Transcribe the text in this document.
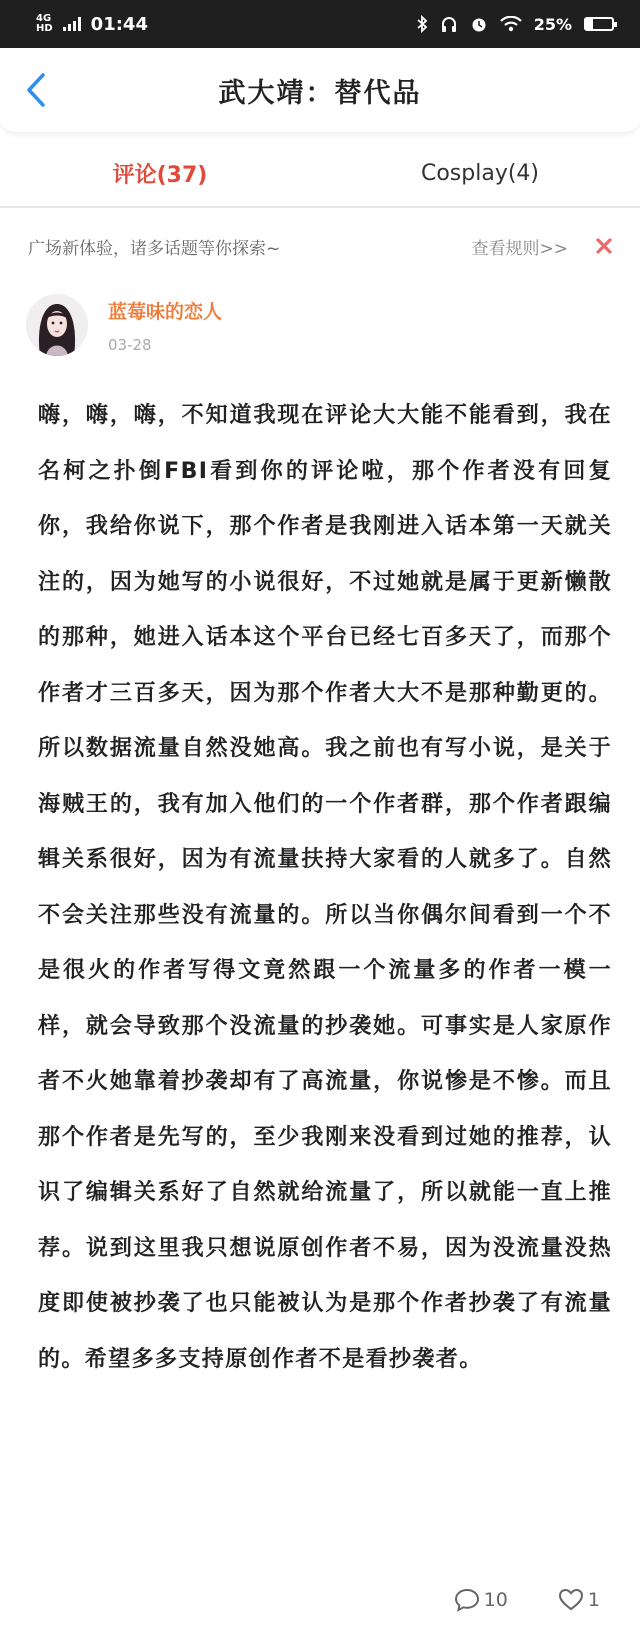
4G
HD 01:44	25%
武大靖：替代品
评论(37)	Cosplay(4)
广场新体验，诸多话题等你探索~	查看规则>>
蓝莓味的恋人
03-28

嗨，嗨，嗨，不知道我现在评论大大能不能看到，我在名柯之扑倒FBI看到你的评论啦，那个作者没有回复你，我给你说下，那个作者是我刚进入话本第一天就关注的，因为她写的小说很好，不过她就是属于更新懒散的那种，她进入话本这个平台已经七百多天了，而那个作者才三百多天，因为那个作者大大不是那种勤更的。所以数据流量自然没她高。我之前也有写小说，是关于海贼王的，我有加入他们的一个作者群，那个作者跟编辑关系很好，因为有流量扶持大家看的人就多了。自然不会关注那些没有流量的。所以当你偶尔间看到一个不是很火的作者写得文竟然跟一个流量多的作者一模一样，就会导致那个没流量的抄袭她。可事实是人家原作者不火她靠着抄袭却有了高流量，你说惨是不惨。而且那个作者是先写的，至少我刚来没看到过她的推荐，认识了编辑关系好了自然就给流量了，所以就能一直上推荐。说到这里我只想说原创作者不易，因为没流量没热度即使被抄袭了也只能被认为是那个作者抄袭了有流量的。希望多多支持原创作者不是看抄袭者。

10	1
